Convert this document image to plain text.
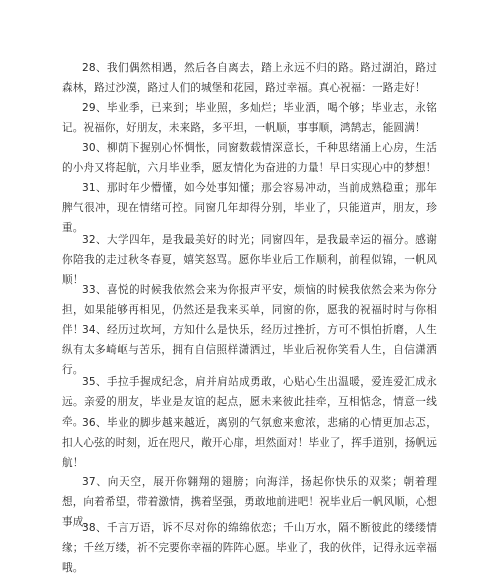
28、我们偶然相遇，然后各自离去，踏上永远不归的路。路过湖泊，路过森林，路过沙漠，路过人们的城堡和花园，路过幸福。真心祝福：一路走好！

29、毕业季，已来到；毕业照，多灿烂；毕业酒，喝个够；毕业志，永铭记。祝福你，好朋友，未来路，多平坦，一帆顺，事事顺，鸿鹄志，能圆满！

30、柳荫下握别心怀惆怅，同窗数载情深意长，千种思绪涌上心房，生活的小舟又将起航，六月毕业季，愿友情化为奋进的力量！早日实现心中的梦想！

31、那时年少懵懂，如今处事知懂；那会容易冲动，当前成熟稳重；那年脾气很冲，现在情绪可控。同窗几年却得分别，毕业了，只能道声，朋友，珍重。

32、大学四年，是我最美好的时光；同窗四年，是我最幸运的福分。感谢你陪我的走过秋冬春夏，嬉笑怒骂。愿你毕业后工作顺利，前程似锦，一帆风顺！

33、喜悦的时候我依然会来为你报声平安，烦恼的时候我依然会来为你分担，如果能够再相见，仍然还是我来买单，同窗的你，愿我的祝福时时与你相伴！

34、经历过坎坷，方知什么是快乐，经历过挫折，方可不惧怕折磨，人生纵有太多崎岖与苦乐，拥有自信照样潇洒过，毕业后祝你笑看人生，自信潇洒行。

35、手拉手握成纪念，肩并肩站成勇敢，心贴心生出温暖，爱连爱汇成永远。亲爱的朋友，毕业是友谊的起点，愿未来彼此挂牵，互相惦念，情意一线牵。

36、毕业的脚步越来越近，离别的气氛愈来愈浓，悲痛的心情更加忐忑，扣人心弦的时刻，近在咫尺，敞开心扉，坦然面对！毕业了，挥手道别，扬帆远航！

37、向天空，展开你翱翔的翅膀；向海洋，扬起你快乐的双桨；朝着理想，向着希望，带着激情，携着坚强，勇敢地前进吧！祝毕业后一帆风顺，心想事成。

38、千言万语，诉不尽对你的绵绵依恋；千山万水，隔不断彼此的缕缕情缘；千丝万缕，祈不完要你幸福的阵阵心愿。毕业了，我的伙伴，记得永远幸福哦。
